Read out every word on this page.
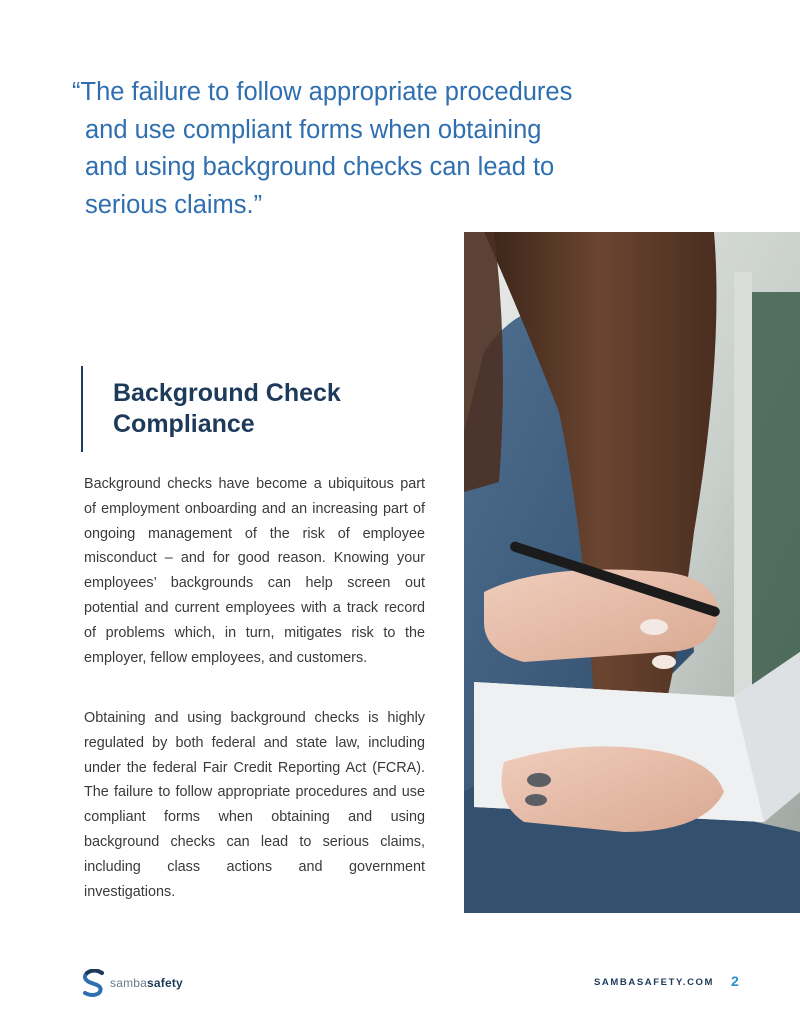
“The failure to follow appropriate procedures
and use compliant forms when obtaining
and using background checks can lead to
serious claims.”
Background Check
Compliance

Background checks have become a ubiquitous part of employment onboarding and an increasing part of ongoing management of the risk of employee misconduct – and for good reason. Knowing your employees’ backgrounds can help screen out potential and current employees with a track record of problems which, in turn, mitigates risk to the employer, fellow employees, and customers.

Obtaining and using background checks is highly regulated by both federal and state law, including under the federal Fair Credit Reporting Act (FCRA). The failure to follow appropriate procedures and use compliant forms when obtaining and using background checks can lead to serious claims, including class actions and government investigations.

sambasafety	SAMBASAFETY.COM 2
